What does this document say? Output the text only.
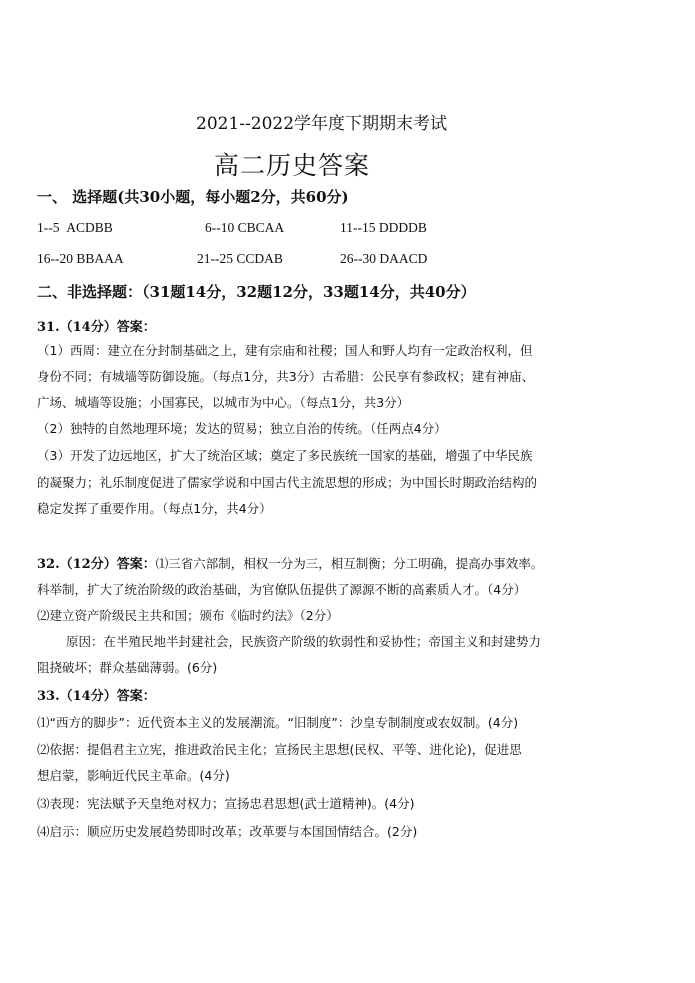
2021--2022学年度下期期末考试
高二历史答案
一、 选择题(共30小题，每小题2分，共60分)
1--5 ACDBB	6--10 CBCAA	11--15 DDDDB
16--20 BBAAA	21--25 CCDAB	26--30 DAACD
二、非选择题：（31题14分，32题12分，33题14分，共40分）
31.（14分）答案：
（1）西周：建立在分封制基础之上，建有宗庙和社稷；国人和野人均有一定政治权利，但
身份不同；有城墙等防御设施。（每点1分，共3分）古希腊：公民享有参政权；建有神庙、
广场、城墙等设施；小国寡民，以城市为中心。（每点1分，共3分）
（2）独特的自然地理环境；发达的贸易；独立自治的传统。（任两点4分）
（3）开发了边远地区，扩大了统治区域；奠定了多民族统一国家的基础，增强了中华民族
的凝聚力；礼乐制度促进了儒家学说和中国古代主流思想的形成；为中国长时期政治结构的
稳定发挥了重要作用。（每点1分，共4分）
32.（12分）答案：⑴三省六部制，相权一分为三，相互制衡；分工明确，提高办事效率。
科举制，扩大了统治阶级的政治基础，为官僚队伍提供了源源不断的高素质人才。（4分）
⑵建立资产阶级民主共和国；颁布《临时约法》（2分）
原因：在半殖民地半封建社会，民族资产阶级的软弱性和妥协性；帝国主义和封建势力
阻挠破坏；群众基础薄弱。(6分)
33.（14分）答案：
⑴“西方的脚步”：近代资本主义的发展潮流。“旧制度”：沙皇专制制度或农奴制。(4分)
⑵依据：提倡君主立宪，推进政治民主化；宣扬民主思想(民权、平等、进化论)，促进思
想启蒙，影响近代民主革命。(4分)
⑶表现：宪法赋予天皇绝对权力；宣扬忠君思想(武士道精神)。(4分)
⑷启示：顺应历史发展趋势即时改革；改革要与本国国情结合。(2分)
